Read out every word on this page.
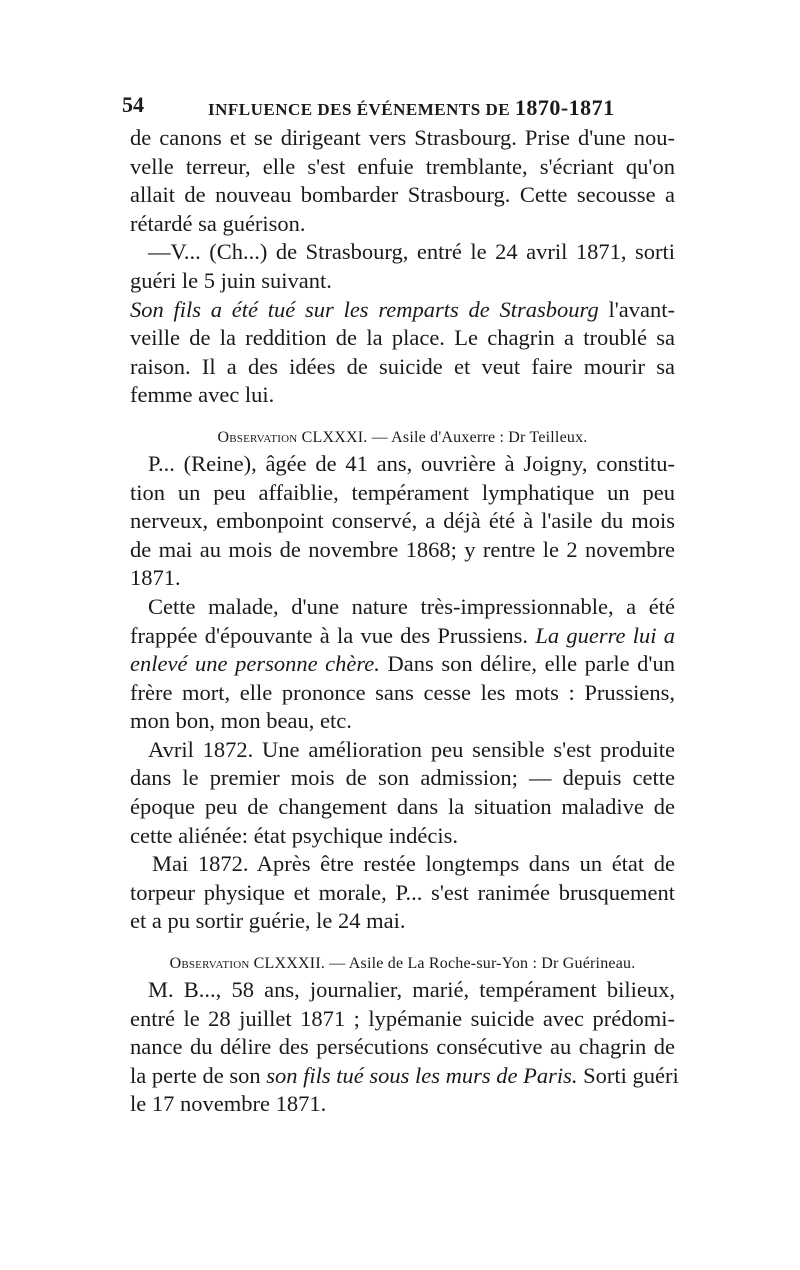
54	INFLUENCE DES ÉVÉNEMENTS DE 1870-1871
de canons et se dirigeant vers Strasbourg. Prise d'une nou-
velle terreur, elle s'est enfuie tremblante, s'écriant qu'on
allait de nouveau bombarder Strasbourg. Cette secousse a
rétardé sa guérison.
—V... (Ch...) de Strasbourg, entré le 24 avril 1871, sorti
guéri le 5 juin suivant.
Son fils a été tué sur les remparts de Strasbourg l'avant-
veille de la reddition de la place. Le chagrin a troublé sa
raison. Il a des idées de suicide et veut faire mourir sa
femme avec lui.
Observation CLXXXI. — Asile d'Auxerre : Dr Teilleux.
P... (Reine), âgée de 41 ans, ouvrière à Joigny, constitu-
tion un peu affaiblie, tempérament lymphatique un peu
nerveux, embonpoint conservé, a déjà été à l'asile du mois
de mai au mois de novembre 1868; y rentre le 2 novembre
1871.
Cette malade, d'une nature très-impressionnable, a été
frappée d'épouvante à la vue des Prussiens. La guerre lui a
enlevé une personne chère. Dans son délire, elle parle d'un
frère mort, elle prononce sans cesse les mots : Prussiens,
mon bon, mon beau, etc.
Avril 1872. Une amélioration peu sensible s'est produite
dans le premier mois de son admission; — depuis cette
époque peu de changement dans la situation maladive de
cette aliénée: état psychique indécis.
Mai 1872. Après être restée longtemps dans un état de
torpeur physique et morale, P... s'est ranimée brusquement
et a pu sortir guérie, le 24 mai.
Observation CLXXXII. — Asile de La Roche-sur-Yon : Dr Guérineau.
M. B..., 58 ans, journalier, marié, tempérament bilieux,
entré le 28 juillet 1871 ; lypémanie suicide avec prédomi-
nance du délire des persécutions consécutive au chagrin de
la perte de son son fils tué sous les murs de Paris. Sorti guéri
le 17 novembre 1871.
